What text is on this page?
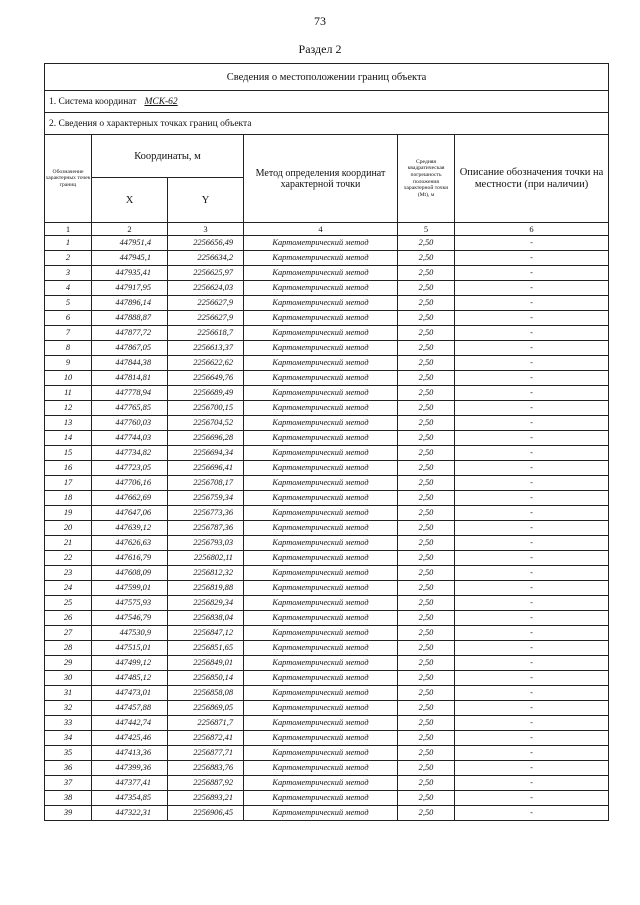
73
Раздел 2
Сведения о местоположении границ объекта					
1. Система координат МСК-62					
2. Сведения о характерных точках границ объекта					
Обозначение характерных точек границ	Координаты, м		Метод определения координат характерной точки	Средняя квадратическая погрешность положения характерной точки (Mt), м	Описание обозначения точки на местности (при наличии)
	X	Y			
1	2	3	4	5	6
1	447951,4	2256656,49	Картометрический метод	2,50	-
2	447945,1	2256634,2	Картометрический метод	2,50	-
3	447935,41	2256625,97	Картометрический метод	2,50	-
4	447917,95	2256624,03	Картометрический метод	2,50	-
5	447896,14	2256627,9	Картометрический метод	2,50	-
6	447888,87	2256627,9	Картометрический метод	2,50	-
7	447877,72	2256618,7	Картометрический метод	2,50	-
8	447867,05	2256613,37	Картометрический метод	2,50	-
9	447844,38	2256622,62	Картометрический метод	2,50	-
10	447814,81	2256649,76	Картометрический метод	2,50	-
11	447778,94	2256689,49	Картометрический метод	2,50	-
12	447765,85	2256700,15	Картометрический метод	2,50	-
13	447760,03	2256704,52	Картометрический метод	2,50	-
14	447744,03	2256696,28	Картометрический метод	2,50	-
15	447734,82	2256694,34	Картометрический метод	2,50	-
16	447723,05	2256696,41	Картометрический метод	2,50	-
17	447706,16	2256708,17	Картометрический метод	2,50	-
18	447662,69	2256759,34	Картометрический метод	2,50	-
19	447647,06	2256773,36	Картометрический метод	2,50	-
20	447639,12	2256787,36	Картометрический метод	2,50	-
21	447626,63	2256793,03	Картометрический метод	2,50	-
22	447616,79	2256802,11	Картометрический метод	2,50	-
23	447608,09	2256812,32	Картометрический метод	2,50	-
24	447599,01	2256819,88	Картометрический метод	2,50	-
25	447575,93	2256829,34	Картометрический метод	2,50	-
26	447546,79	2256838,04	Картометрический метод	2,50	-
27	447530,9	2256847,12	Картометрический метод	2,50	-
28	447515,01	2256851,65	Картометрический метод	2,50	-
29	447499,12	2256849,01	Картометрический метод	2,50	-
30	447485,12	2256850,14	Картометрический метод	2,50	-
31	447473,01	2256858,08	Картометрический метод	2,50	-
32	447457,88	2256869,05	Картометрический метод	2,50	-
33	447442,74	2256871,7	Картометрический метод	2,50	-
34	447425,46	2256872,41	Картометрический метод	2,50	-
35	447413,36	2256877,71	Картометрический метод	2,50	-
36	447399,36	2256883,76	Картометрический метод	2,50	-
37	447377,41	2256887,92	Картометрический метод	2,50	-
38	447354,85	2256893,21	Картометрический метод	2,50	-
39	447322,31	2256906,45	Картометрический метод	2,50	-
